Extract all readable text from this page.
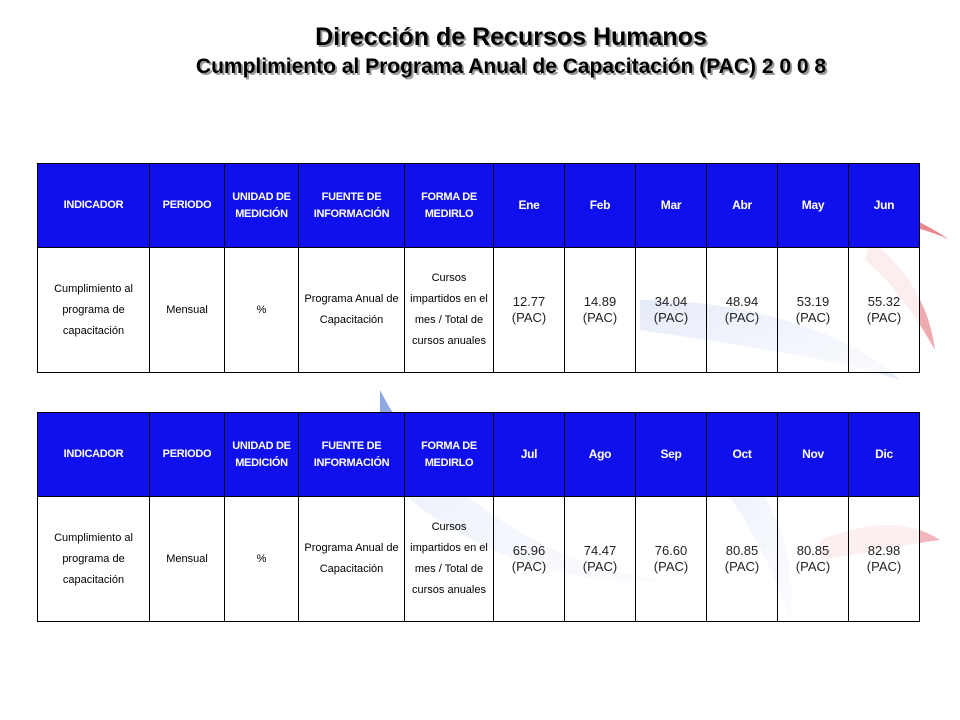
Dirección de Recursos Humanos
Cumplimiento al Programa Anual de Capacitación (PAC) 2 0 0 8
INDICADOR	PERIODO	UNIDAD DE MEDICIÓN	FUENTE DE INFORMACIÓN	FORMA DE MEDIRLO	Ene	Feb	Mar	Abr	May	Jun
Cumplimiento al programa de capacitación	Mensual	%	Programa Anual de Capacitación	Cursos impartidos en el mes / Total de cursos anuales	12.77 (PAC)	14.89 (PAC)	34.04 (PAC)	48.94 (PAC)	53.19 (PAC)	55.32 (PAC)
INDICADOR	PERIODO	UNIDAD DE MEDICIÓN	FUENTE DE INFORMACIÓN	FORMA DE MEDIRLO	Jul	Ago	Sep	Oct	Nov	Dic
Cumplimiento al programa de capacitación	Mensual	%	Programa Anual de Capacitación	Cursos impartidos en el mes / Total de cursos anuales	65.96 (PAC)	74.47 (PAC)	76.60 (PAC)	80.85 (PAC)	80.85 (PAC)	82.98 (PAC)
